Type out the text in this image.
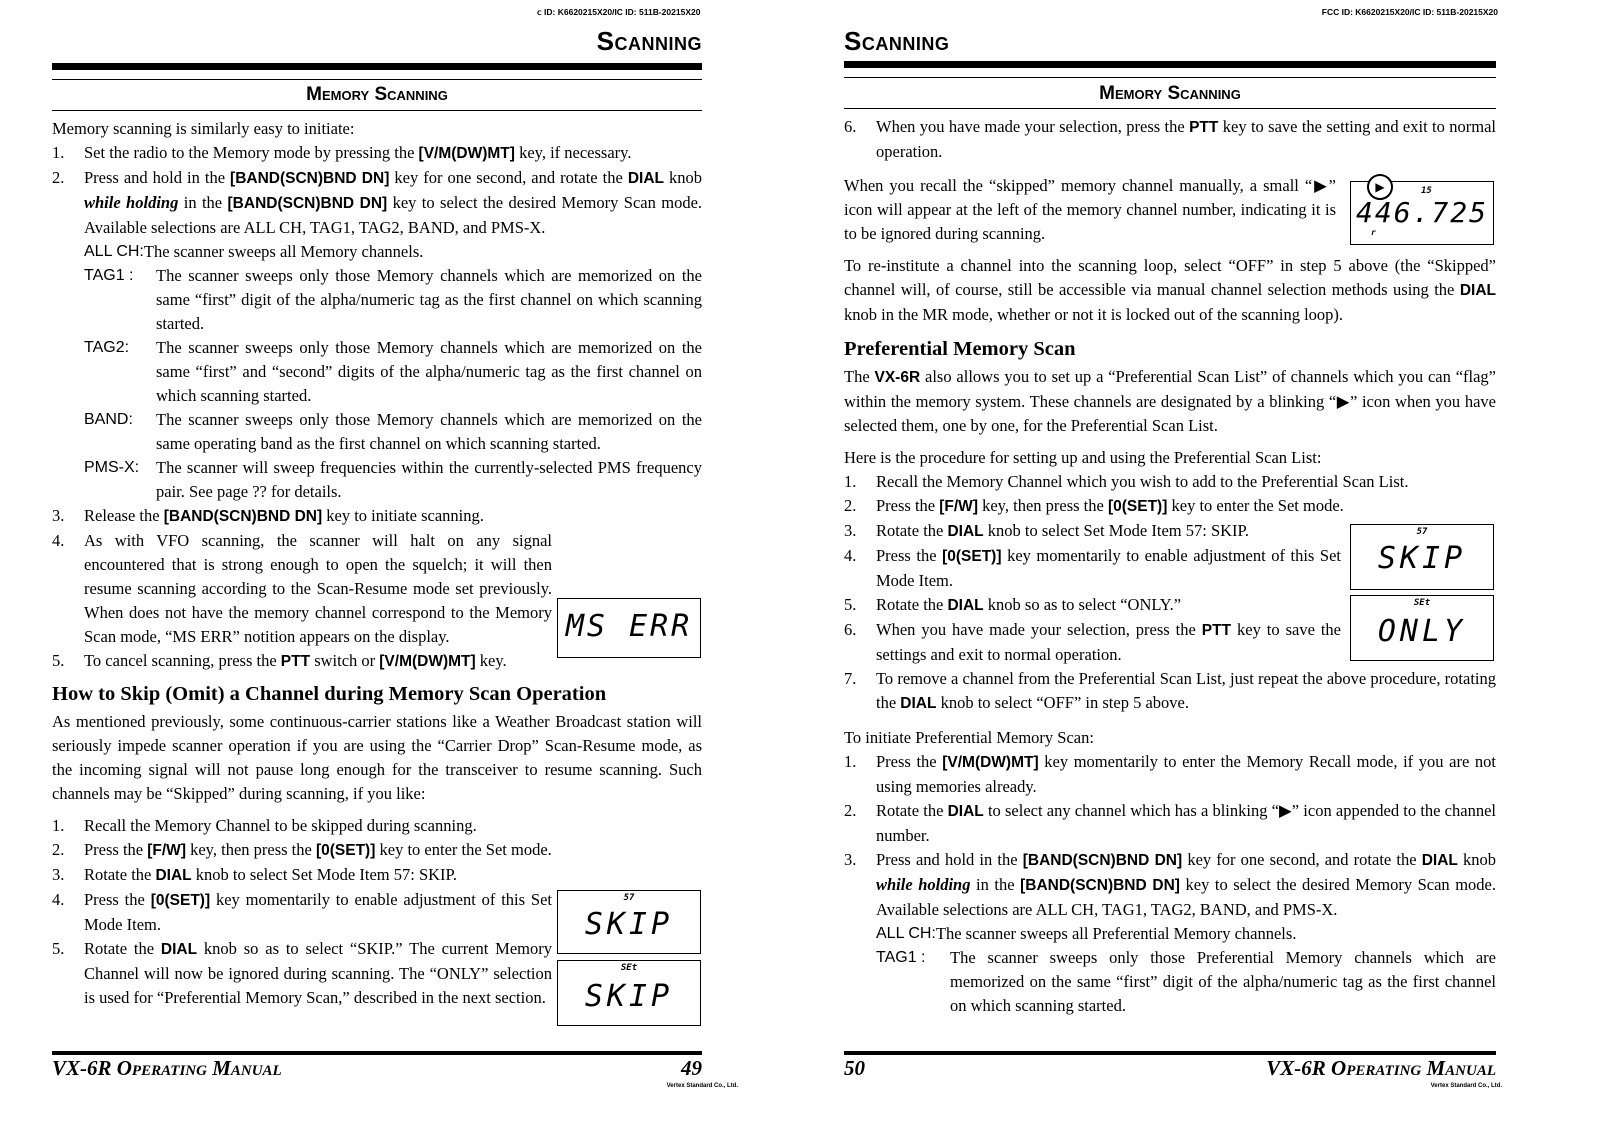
ⅽ ID: K6620215X20/IC ID: 511B-20215X20
Scanning
Memory Scanning

Memory scanning is similarly easy to initiate:

1. Set the radio to the Memory mode by pressing the [V/M(DW)MT] key, if necessary.
2. Press and hold in the [BAND(SCN)BND DN] key for one second, and rotate the DIAL knob while holding in the [BAND(SCN)BND DN] key to select the desired Memory Scan mode. Available selections are ALL CH, TAG1, TAG2, BAND, and PMS-X.
ALL CH: The scanner sweeps all Memory channels.
TAG1 :	The scanner sweeps only those Memory channels which are memorized on the same “first” digit of the alpha/numeric tag as the first channel on which scanning started.
TAG2:	The scanner sweeps only those Memory channels which are memorized on the same “first” and “second” digits of the alpha/numeric tag as the first channel on which scanning started.
BAND:	The scanner sweeps only those Memory channels which are memorized on the same operating band as the first channel on which scanning started.
PMS-X:	The scanner will sweep frequencies within the currently-selected PMS frequency pair. See page ?? for details.
3. Release the [BAND(SCN)BND DN] key to initiate scanning.
4. As with VFO scanning, the scanner will halt on any signal encountered that is strong enough to open the squelch; it will then resume scanning according to the Scan-Resume mode set previously. When does not have the memory channel correspond to the Memory Scan mode, “MS ERR” notition appears on the display.
5. To cancel scanning, press the PTT switch or [V/M(DW)MT] key.
How to Skip (Omit) a Channel during Memory Scan Operation

As mentioned previously, some continuous-carrier stations like a Weather Broadcast station will seriously impede scanner operation if you are using the “Carrier Drop” Scan-Resume mode, as the incoming signal will not pause long enough for the transceiver to resume scanning. Such channels may be “Skipped” during scanning, if you like:

1. Recall the Memory Channel to be skipped during scanning.
2. Press the [F/W] key, then press the [0(SET)] key to enter the Set mode.
3. Rotate the DIAL knob to select Set Mode Item 57: SKIP.
4. Press the [0(SET)] key momentarily to enable adjustment of this Set Mode Item.
5. Rotate the DIAL knob so as to select “SKIP.” The current Memory Channel will now be ignored during scanning. The “ONLY” selection is used for “Preferential Memory Scan,” described in the next section.
MS ERR
57
SKIP
SEt
SKIP
VX-6R Operating Manual	49
Vertex Standard Co., Ltd.
FCC ID: K6620215X20/IC ID: 511B-20215X20
Scanning
Memory Scanning
6. When you have made your selection, press the PTT key to save the setting and exit to normal operation.

When you recall the “skipped” memory channel manually, a small “▶” icon will appear at the left of the memory channel number, indicating it is to be ignored during scanning.

To re-institute a channel into the scanning loop, select “OFF” in step 5 above (the “Skipped” channel will, of course, still be accessible via manual channel selection methods using the DIAL knob in the MR mode, whether or not it is locked out of the scanning loop).

Preferential Memory Scan

The VX-6R also allows you to set up a “Preferential Scan List” of channels which you can “flag” within the memory system. These channels are designated by a blinking “▶” icon when you have selected them, one by one, for the Preferential Scan List.

Here is the procedure for setting up and using the Preferential Scan List:

1. Recall the Memory Channel which you wish to add to the Preferential Scan List.
2. Press the [F/W] key, then press the [0(SET)] key to enter the Set mode.
3. Rotate the DIAL knob to select Set Mode Item 57: SKIP.
4. Press the [0(SET)] key momentarily to enable adjustment of this Set Mode Item.
5. Rotate the DIAL knob so as to select “ONLY.”
6. When you have made your selection, press the PTT key to save the settings and exit to normal operation.
7. To remove a channel from the Preferential Scan List, just repeat the above procedure, rotating the DIAL knob to select “OFF” in step 5 above.

To initiate Preferential Memory Scan:

1. Press the [V/M(DW)MT] key momentarily to enter the Memory Recall mode, if you are not using memories already.
2. Rotate the DIAL to select any channel which has a blinking “▶” icon appended to the channel number.
3. Press and hold in the [BAND(SCN)BND DN] key for one second, and rotate the DIAL knob while holding in the [BAND(SCN)BND DN] key to select the desired Memory Scan mode. Available selections are ALL CH, TAG1, TAG2, BAND, and PMS-X.
ALL CH: The scanner sweeps all Preferential Memory channels.
TAG1 :	The scanner sweeps only those Preferential Memory channels which are memorized on the same “first” digit of the alpha/numeric tag as the first channel on which scanning started.
▶	15
446.725
r
57
SKIP
SEt
ONLY
50	VX-6R Operating Manual
Vertex Standard Co., Ltd.
